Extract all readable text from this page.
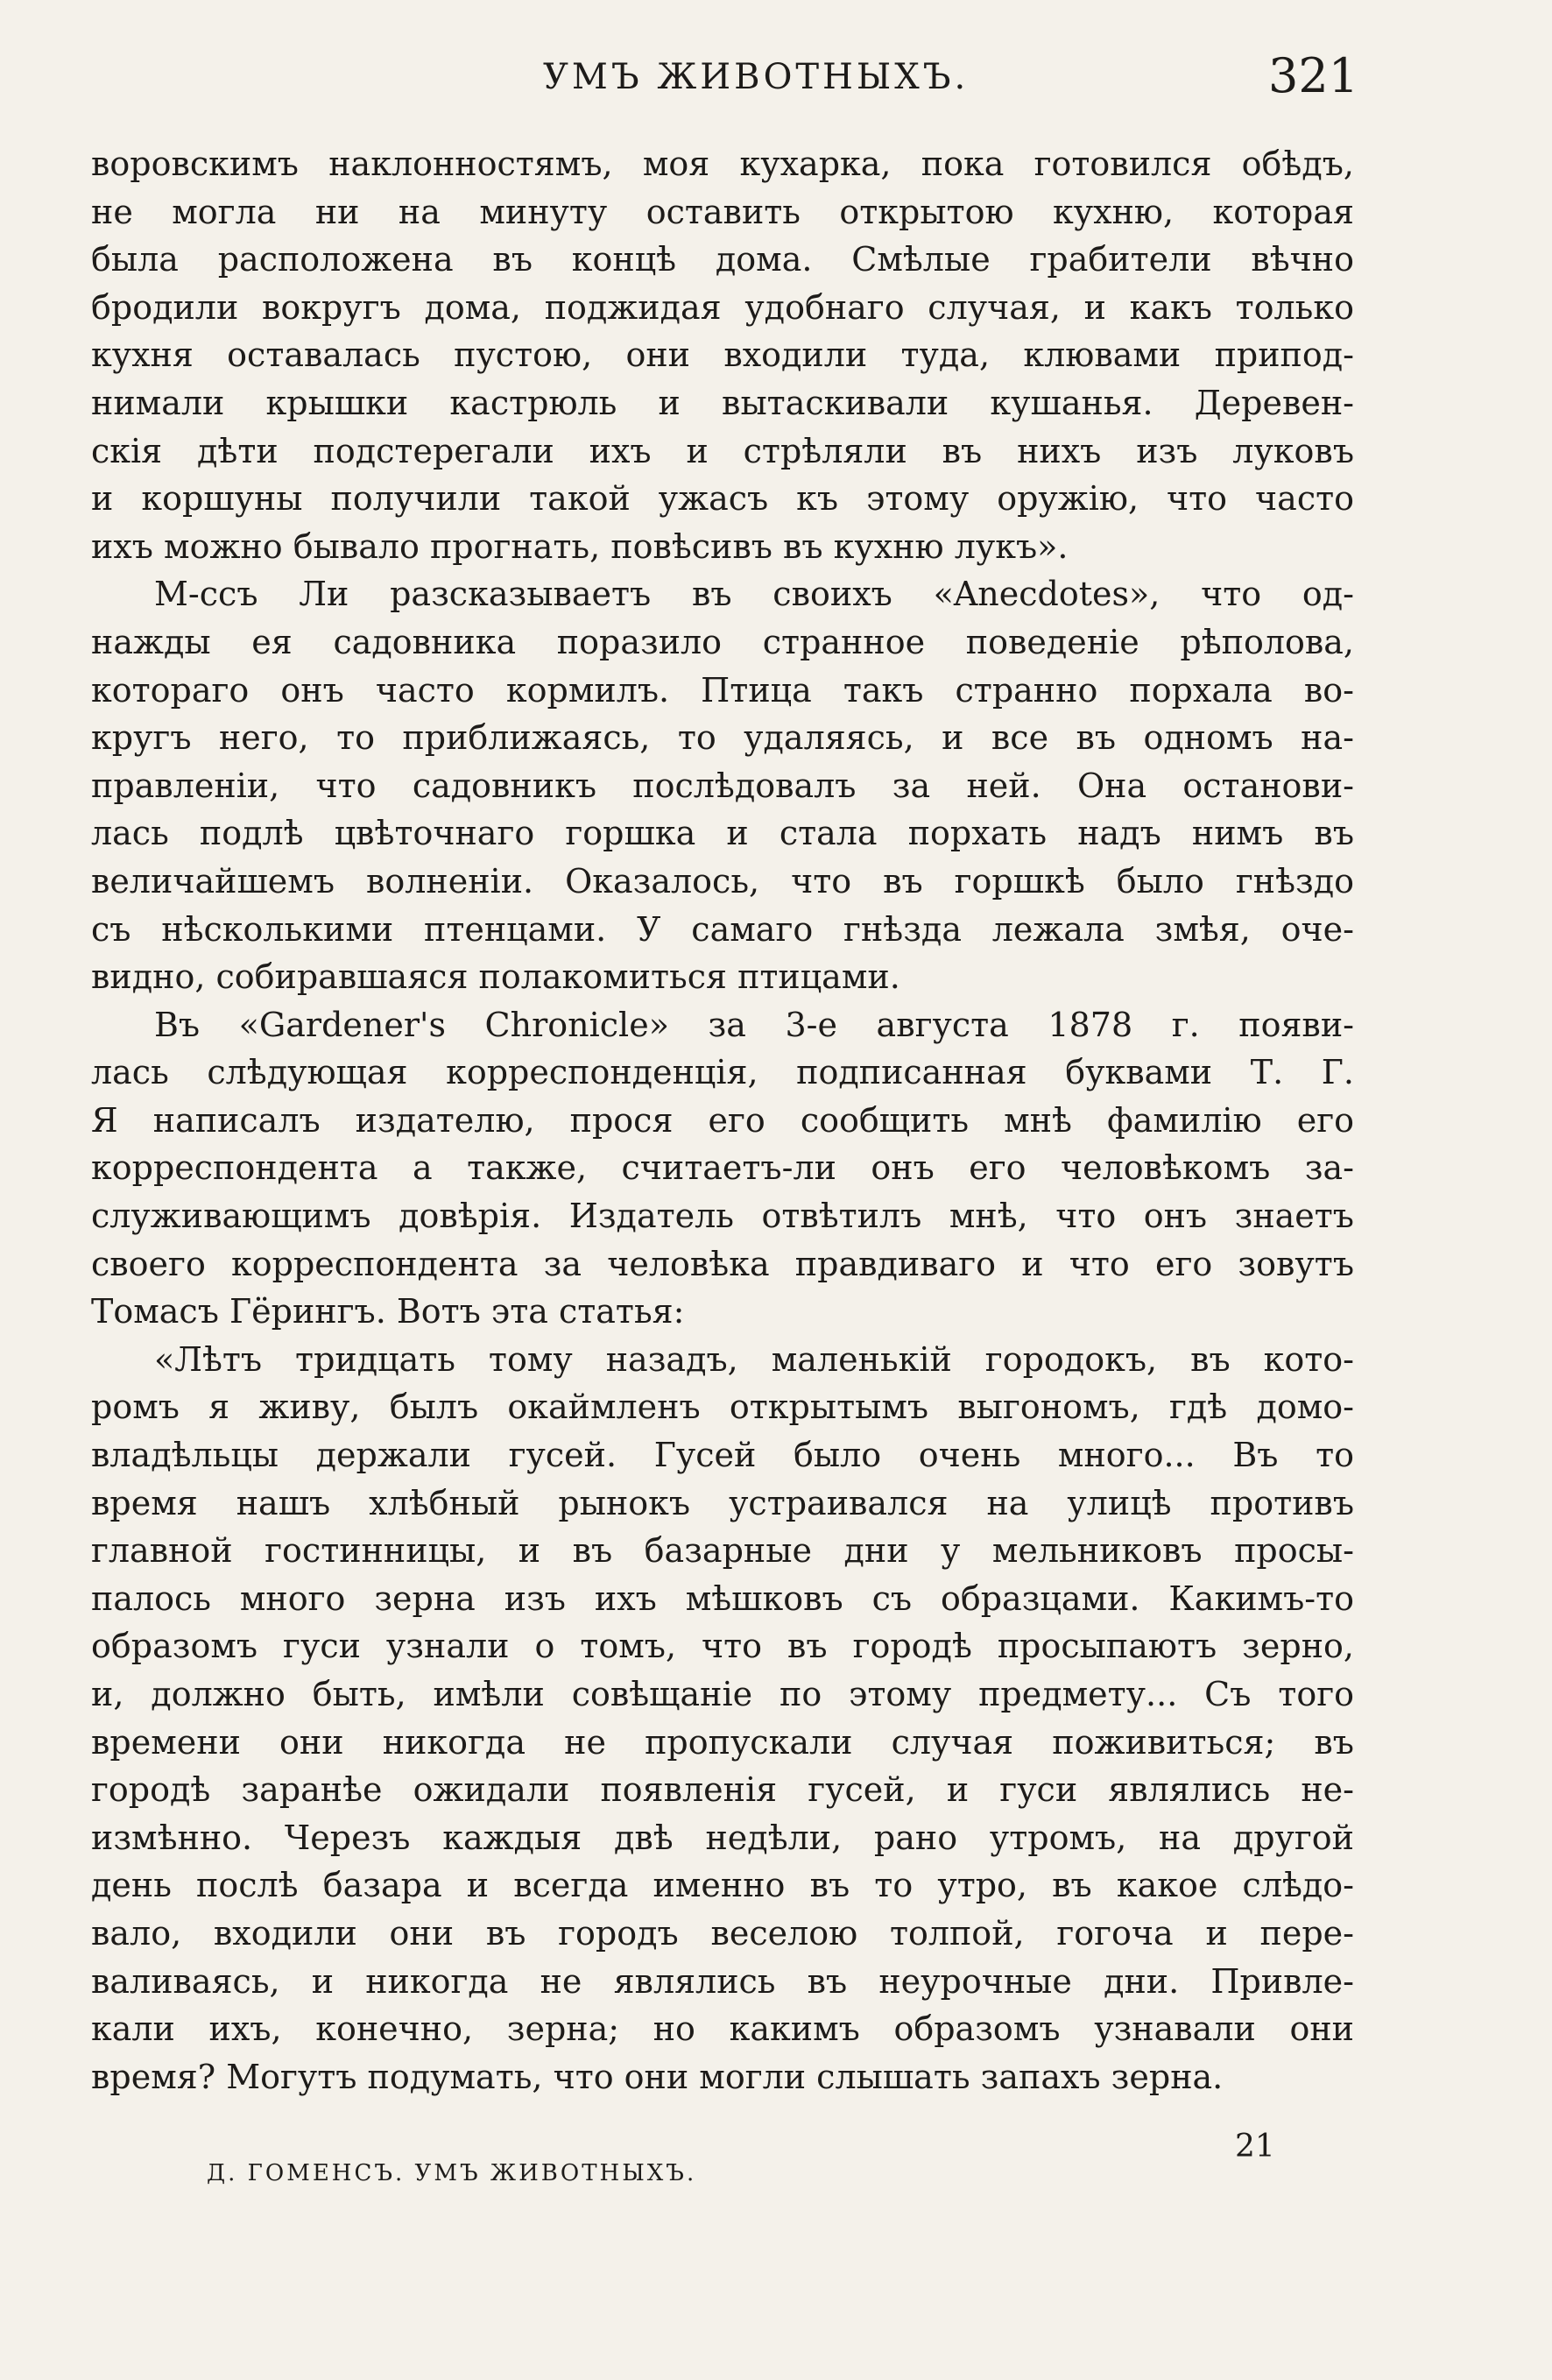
УМЪ ЖИВОТНЫХЪ.	321
воровскимъ наклонностямъ, моя кухарка, пока готовился обѣдъ,
не могла ни на минуту оставить открытою кухню, которая
была расположена въ концѣ дома. Смѣлые грабители вѣчно
бродили вокругъ дома, поджидая удобнаго случая, и какъ только
кухня оставалась пустою, они входили туда, клювами припод-
нимали крышки кастрюль и вытаскивали кушанья. Деревен-
скія дѣти подстерегали ихъ и стрѣляли въ нихъ изъ луковъ
и коршуны получили такой ужасъ къ этому оружію, что часто
ихъ можно бывало прогнать, повѣсивъ въ кухню лукъ».
М-ссъ Ли разсказываетъ въ своихъ «Anecdotes», что од-
нажды ея садовника поразило странное поведеніе рѣполова,
котораго онъ часто кормилъ. Птица такъ странно порхала во-
кругъ него, то приближаясь, то удаляясь, и все въ одномъ на-
правленіи, что садовникъ послѣдовалъ за ней. Она останови-
лась подлѣ цвѣточнаго горшка и стала порхать надъ нимъ въ
величайшемъ волненіи. Оказалось, что въ горшкѣ было гнѣздо
съ нѣсколькими птенцами. У самаго гнѣзда лежала змѣя, оче-
видно, собиравшаяся полакомиться птицами.
Въ «Gardener's Chronicle» за 3-е августа 1878 г. появи-
лась слѣдующая корреспонденція, подписанная буквами Т. Г.
Я написалъ издателю, прося его сообщить мнѣ фамилію его
корреспондента а также, считаетъ-ли онъ его человѣкомъ за-
служивающимъ довѣрія. Издатель отвѣтилъ мнѣ, что онъ знаетъ
своего корреспондента за человѣка правдиваго и что его зовутъ
Томасъ Гёрингъ. Вотъ эта статья:
«Лѣтъ тридцать тому назадъ, маленькій городокъ, въ кото-
ромъ я живу, былъ окаймленъ открытымъ выгономъ, гдѣ домо-
владѣльцы держали гусей. Гусей было очень много... Въ то
время нашъ хлѣбный рынокъ устраивался на улицѣ противъ
главной гостинницы, и въ базарные дни у мельниковъ просы-
палось много зерна изъ ихъ мѣшковъ съ образцами. Какимъ-то
образомъ гуси узнали о томъ, что въ городѣ просыпаютъ зерно,
и, должно быть, имѣли совѣщаніе по этому предмету... Съ того
времени они никогда не пропускали случая поживиться; въ
городѣ заранѣе ожидали появленія гусей, и гуси являлись не-
измѣнно. Черезъ каждыя двѣ недѣли, рано утромъ, на другой
день послѣ базара и всегда именно въ то утро, въ какое слѣдо-
вало, входили они въ городъ веселою толпой, гогоча и пере-
валиваясь, и никогда не являлись въ неурочные дни. Привле-
кали ихъ, конечно, зерна; но какимъ образомъ узнавали они
время? Могутъ подумать, что они могли слышать запахъ зерна.
Д. ГОМЕНСЪ. УМЪ ЖИВОТНЫХЪ.
21
